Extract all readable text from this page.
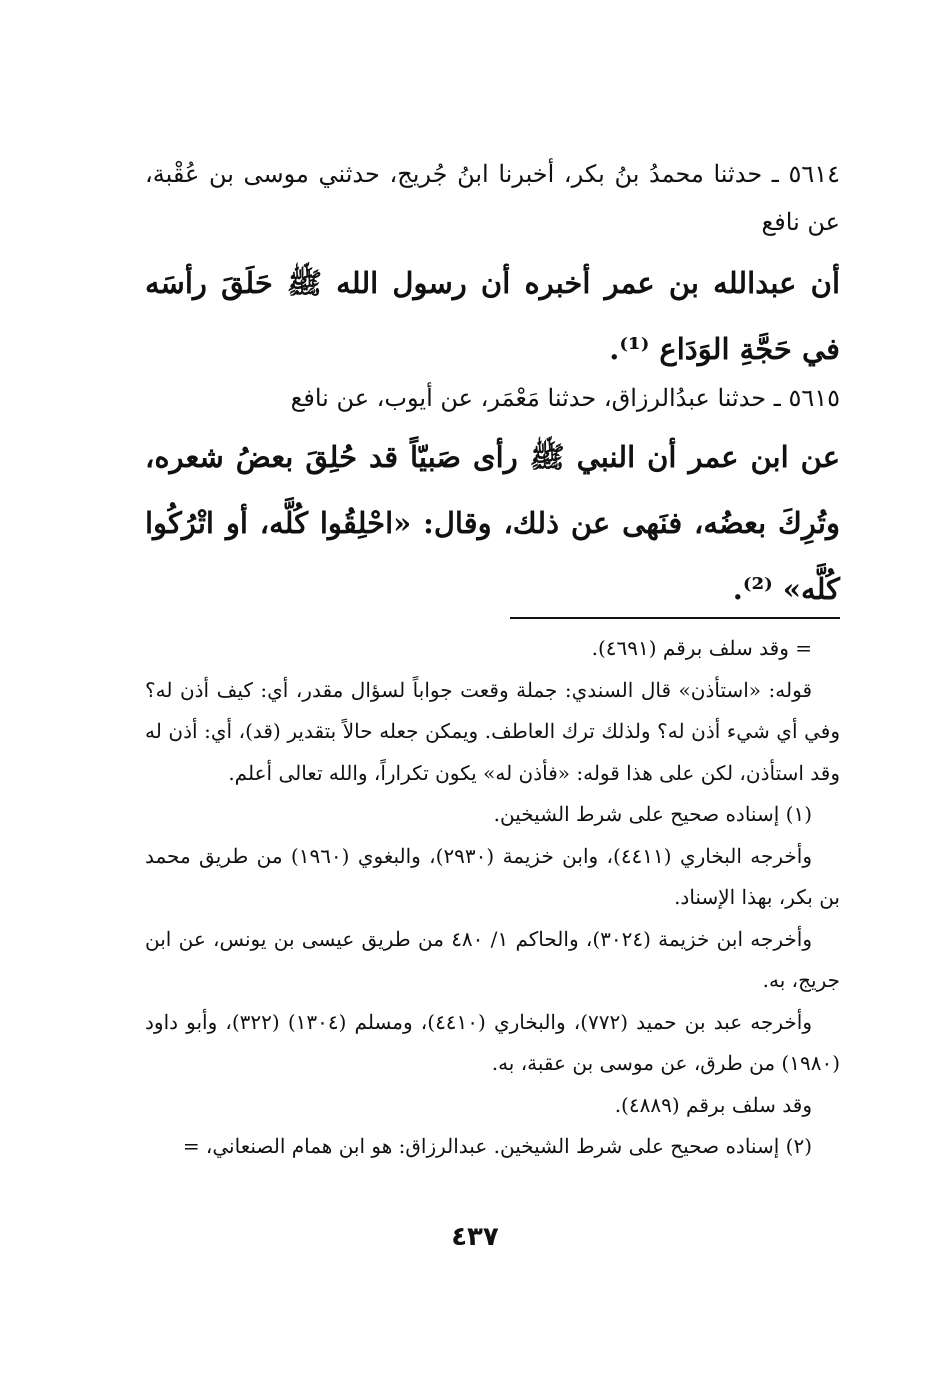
٥٦١٤ ـ حدثنا محمدُ بنُ بكر، أخبرنا ابنُ جُريج، حدثني موسى بن عُقْبة، عن نافع

أن عبدالله بن عمر أخبره أن رسول الله ﷺ حَلَقَ رأسَه في حَجَّةِ الوَدَاع ⁽¹⁾.

٥٦١٥ ـ حدثنا عبدُالرزاق، حدثنا مَعْمَر، عن أيوب، عن نافع

عن ابن عمر أن النبي ﷺ رأى صَبيّاً قد حُلِقَ بعضُ شعره، وتُرِكَ بعضُه، فنَهى عن ذلك، وقال: «احْلِقُوا كُلَّه، أو اتْرُكُوا كُلَّه» ⁽²⁾.

= وقد سلف برقم (٤٦٩١).

قوله: «استأذن» قال السندي: جملة وقعت جواباً لسؤال مقدر، أي: كيف أذن له؟ وفي أي شيء أذن له؟ ولذلك ترك العاطف. ويمكن جعله حالاً بتقدير (قد)، أي: أذن له وقد استأذن، لكن على هذا قوله: «فأذن له» يكون تكراراً، والله تعالى أعلم.

(١) إسناده صحيح على شرط الشيخين.

وأخرجه البخاري (٤٤١١)، وابن خزيمة (٢٩٣٠)، والبغوي (١٩٦٠) من طريق محمد بن بكر، بهذا الإسناد.

وأخرجه ابن خزيمة (٣٠٢٤)، والحاكم ١/ ٤٨٠ من طريق عيسى بن يونس، عن ابن جريج، به.

وأخرجه عبد بن حميد (٧٧٢)، والبخاري (٤٤١٠)، ومسلم (١٣٠٤) (٣٢٢)، وأبو داود (١٩٨٠) من طرق، عن موسى بن عقبة، به.

وقد سلف برقم (٤٨٨٩).

(٢) إسناده صحيح على شرط الشيخين. عبدالرزاق: هو ابن همام الصنعاني، =

٤٣٧
